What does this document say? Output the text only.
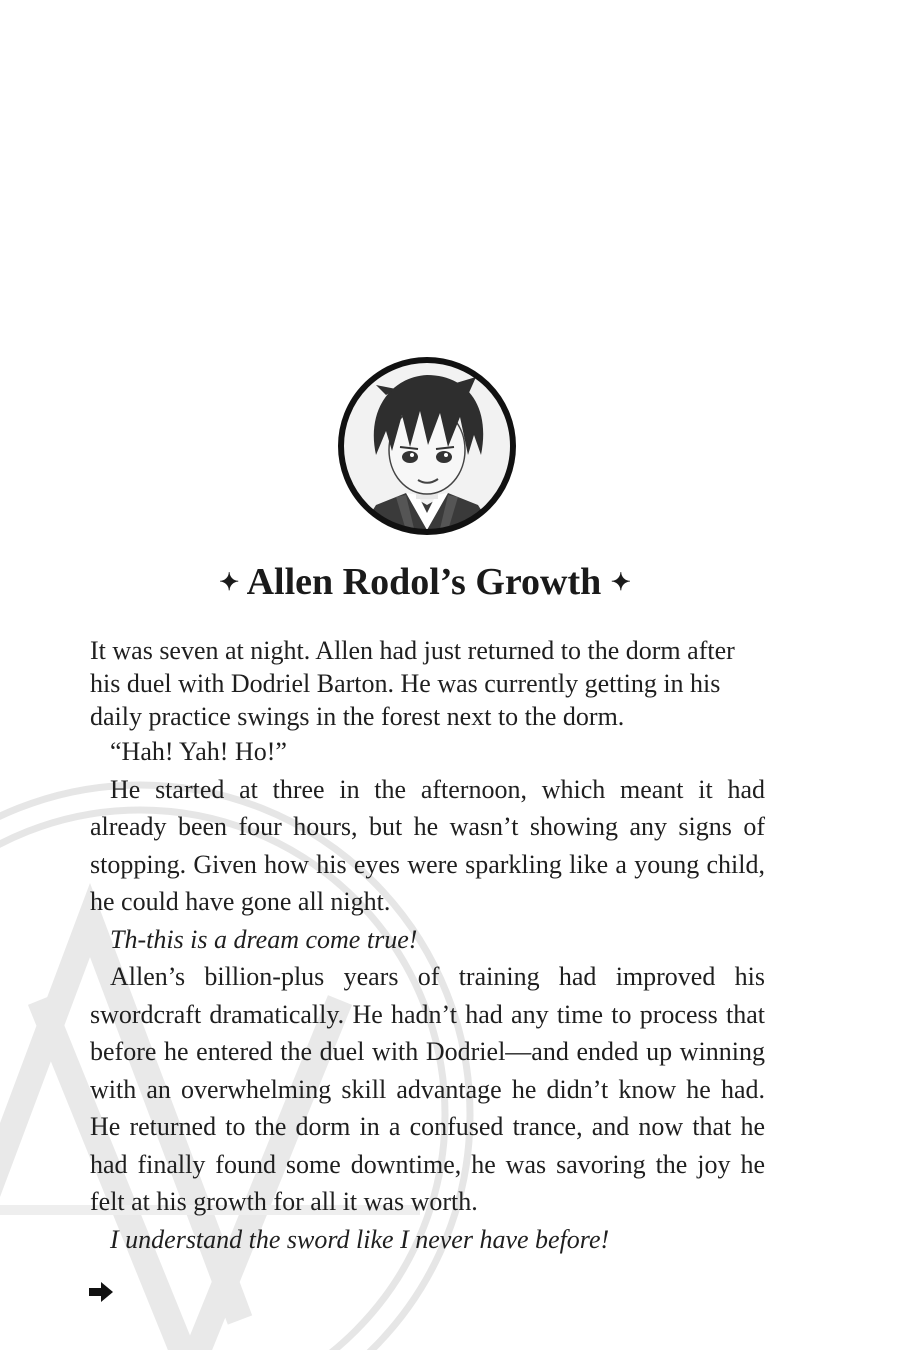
✦ Allen Rodol’s Growth ✦

It was seven at night. Allen had just returned to the dorm after his duel with Dodriel Barton. He was currently getting in his daily practice swings in the forest next to the dorm.

“Hah! Yah! Ho!”

He started at three in the afternoon, which meant it had already been four hours, but he wasn’t showing any signs of stopping. Given how his eyes were sparkling like a young child, he could have gone all night.

Th-this is a dream come true!

Allen’s billion-plus years of training had improved his swordcraft dramatically. He hadn’t had any time to process that before he entered the duel with Dodriel—and ended up winning with an overwhelming skill advantage he didn’t know he had. He returned to the dorm in a confused trance, and now that he had finally found some downtime, he was savoring the joy he felt at his growth for all it was worth.

I understand the sword like I never have before!
